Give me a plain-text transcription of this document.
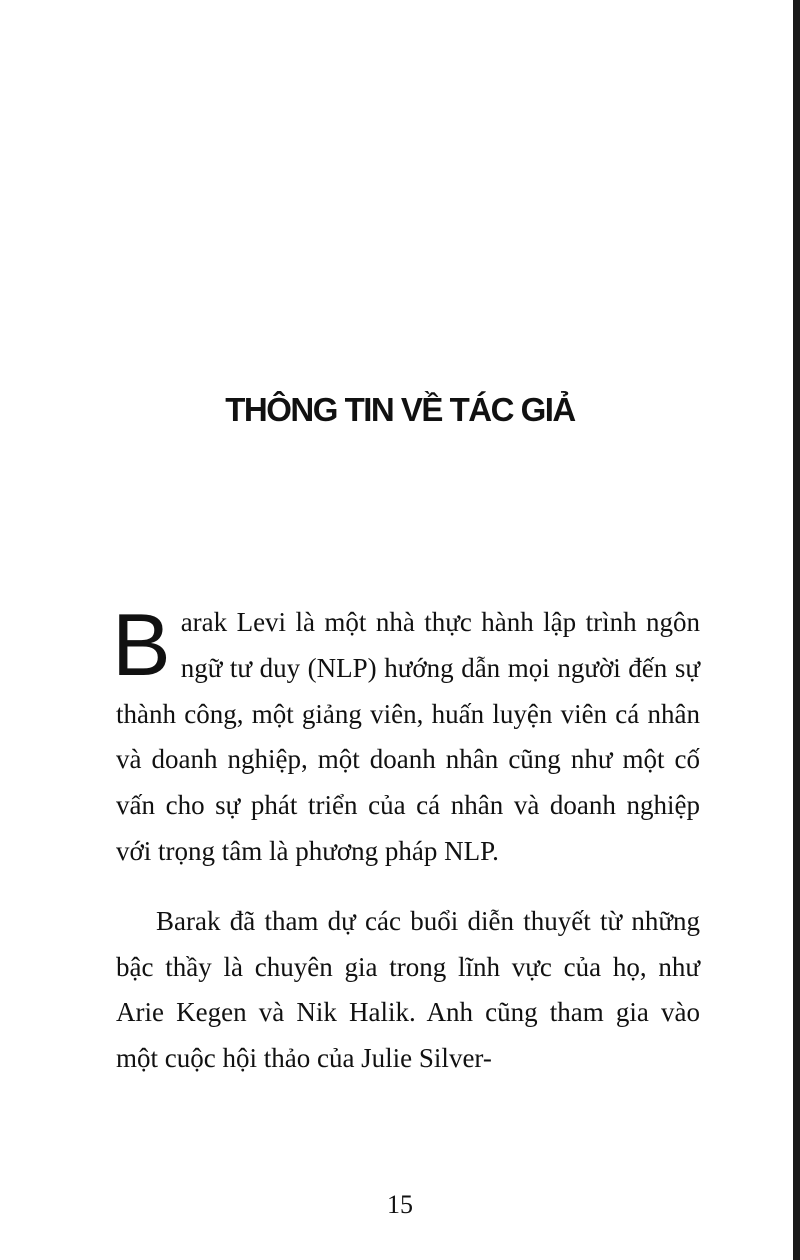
THÔNG TIN VỀ TÁC GIẢ

Barak Levi là một nhà thực hành lập trình ngôn ngữ tư duy (NLP) hướng dẫn mọi người đến sự thành công, một giảng viên, huấn luyện viên cá nhân và doanh nghiệp, một doanh nhân cũng như một cố vấn cho sự phát triển của cá nhân và doanh nghiệp với trọng tâm là phương pháp NLP.

Barak đã tham dự các buổi diễn thuyết từ những bậc thầy là chuyên gia trong lĩnh vực của họ, như Arie Kegen và Nik Halik. Anh cũng tham gia vào một cuộc hội thảo của Julie Silver-

15
